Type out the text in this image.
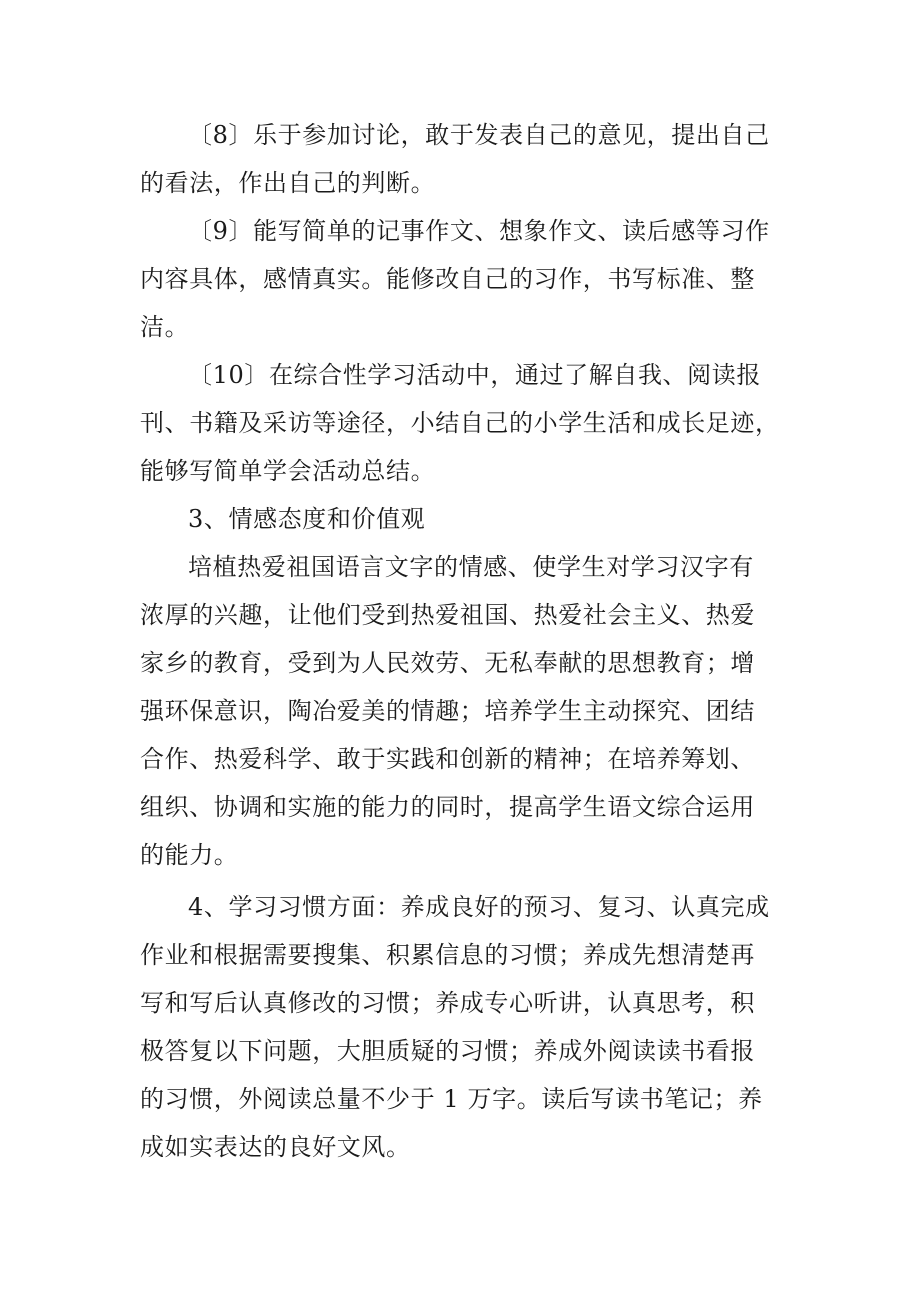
〔8〕乐于参加讨论，敢于发表自己的意见，提出自己

的看法，作出自己的判断。

〔9〕能写简单的记事作文、想象作文、读后感等习作

内容具体，感情真实。能修改自己的习作，书写标准、整

洁。

〔10〕在综合性学习活动中，通过了解自我、阅读报

刊、书籍及采访等途径，小结自己的小学生活和成长足迹，

能够写简单学会活动总结。

3、情感态度和价值观

培植热爱祖国语言文字的情感、使学生对学习汉字有

浓厚的兴趣，让他们受到热爱祖国、热爱社会主义、热爱

家乡的教育，受到为人民效劳、无私奉献的思想教育；增

强环保意识，陶冶爱美的情趣；培养学生主动探究、团结

合作、热爱科学、敢于实践和创新的精神；在培养筹划、

组织、协调和实施的能力的同时，提高学生语文综合运用

的能力。

4、学习习惯方面：养成良好的预习、复习、认真完成

作业和根据需要搜集、积累信息的习惯；养成先想清楚再

写和写后认真修改的习惯；养成专心听讲，认真思考，积

极答复以下问题，大胆质疑的习惯；养成外阅读读书看报

的习惯，外阅读总量不少于 1 万字。读后写读书笔记；养

成如实表达的良好文风。
